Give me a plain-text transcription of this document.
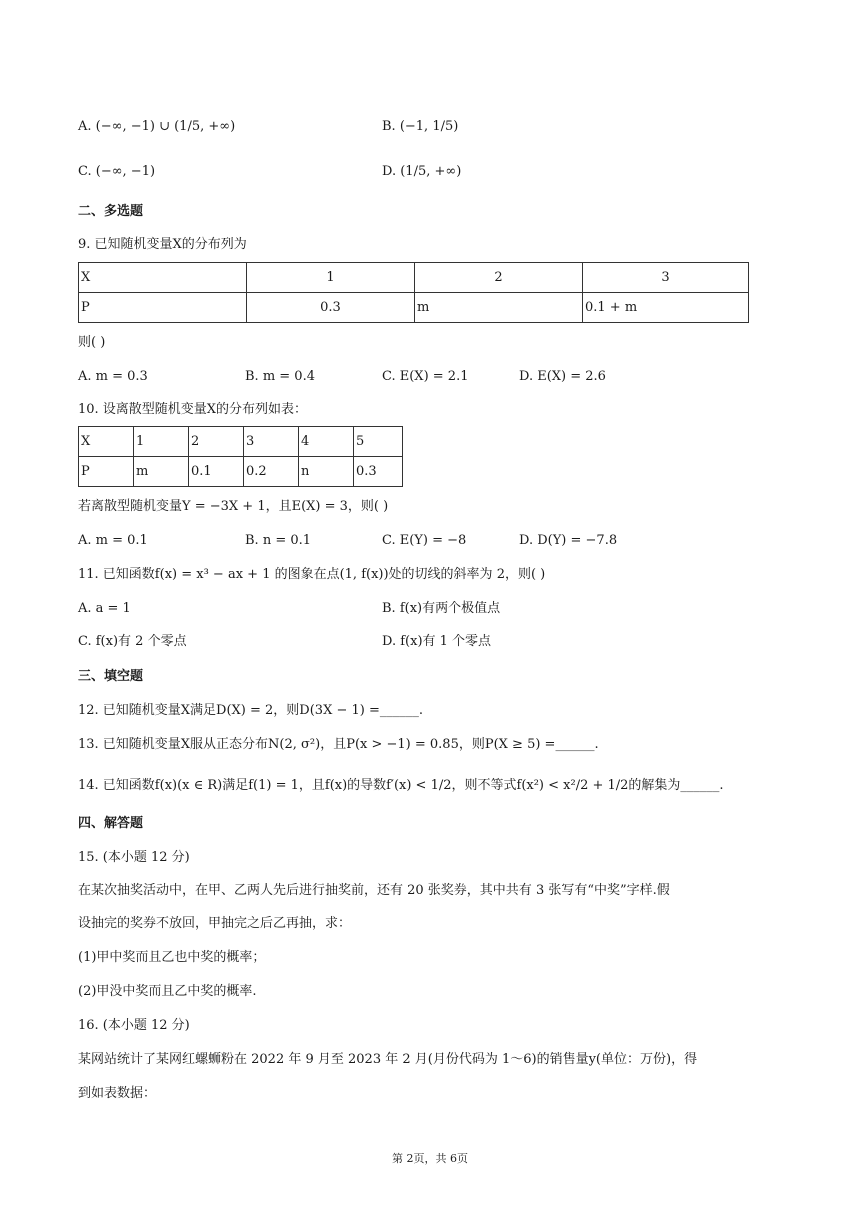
A. (−∞, −1) ∪ (1/5, +∞)	B. (−1, 1/5)
C. (−∞, −1)	D. (1/5, +∞)
二、多选题
9. 已知随机变量X的分布列为
X	1	2	3
P	0.3	m	0.1 + m
则( )
A. m = 0.3	B. m = 0.4	C. E(X) = 2.1	D. E(X) = 2.6
10. 设离散型随机变量X的分布列如表：
X	1	2	3	4	5
P	m	0.1	0.2	n	0.3
若离散型随机变量Y = −3X + 1，且E(X) = 3，则( )
A. m = 0.1	B. n = 0.1	C. E(Y) = −8	D. D(Y) = −7.8
11. 已知函数f(x) = x³ − ax + 1 的图象在点(1, f(x))处的切线的斜率为 2，则( )
A. a = 1	B. f(x)有两个极值点
C. f(x)有 2 个零点	D. f(x)有 1 个零点
三、填空题
12. 已知随机变量X满足D(X) = 2，则D(3X − 1) =______.
13. 已知随机变量X服从正态分布N(2, σ²)，且P(x > −1) = 0.85，则P(X ≥ 5) =______.
14. 已知函数f(x)(x ∈ R)满足f(1) = 1，且f(x)的导数f′(x) < 1/2，则不等式f(x²) < x²/2 + 1/2的解集为______.
四、解答题
15. (本小题 12 分)
在某次抽奖活动中，在甲、乙两人先后进行抽奖前，还有 20 张奖券，其中共有 3 张写有“中奖”字样.假
设抽完的奖券不放回，甲抽完之后乙再抽，求：
(1)甲中奖而且乙也中奖的概率；
(2)甲没中奖而且乙中奖的概率.
16. (本小题 12 分)
某网站统计了某网红螺蛳粉在 2022 年 9 月至 2023 年 2 月(月份代码为 1～6)的销售量y(单位：万份)，得
到如表数据：
第 2页，共 6页
